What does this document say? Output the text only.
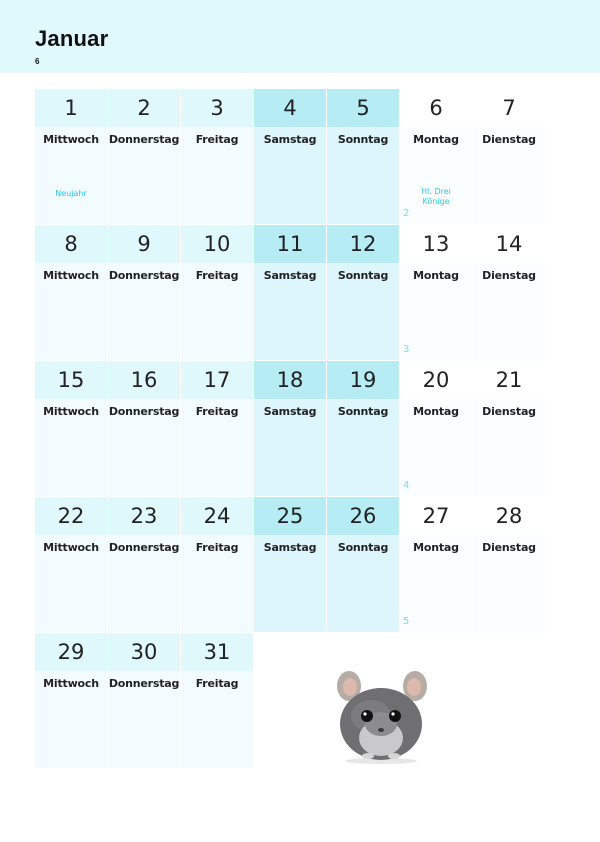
Januar
6
1
Mittwoch
Neujahr
2
Donnerstag
3
Freitag
4
Samstag
5
Sonntag
6
Montag
Hl. Drei Könige
2
7
Dienstag
8
Mittwoch
9
Donnerstag
10
Freitag
11
Samstag
12
Sonntag
13
Montag
3
14
Dienstag
15
Mittwoch
16
Donnerstag
17
Freitag
18
Samstag
19
Sonntag
20
Montag
4
21
Dienstag
22
Mittwoch
23
Donnerstag
24
Freitag
25
Samstag
26
Sonntag
27
Montag
5
28
Dienstag
29
Mittwoch
30
Donnerstag
31
Freitag
